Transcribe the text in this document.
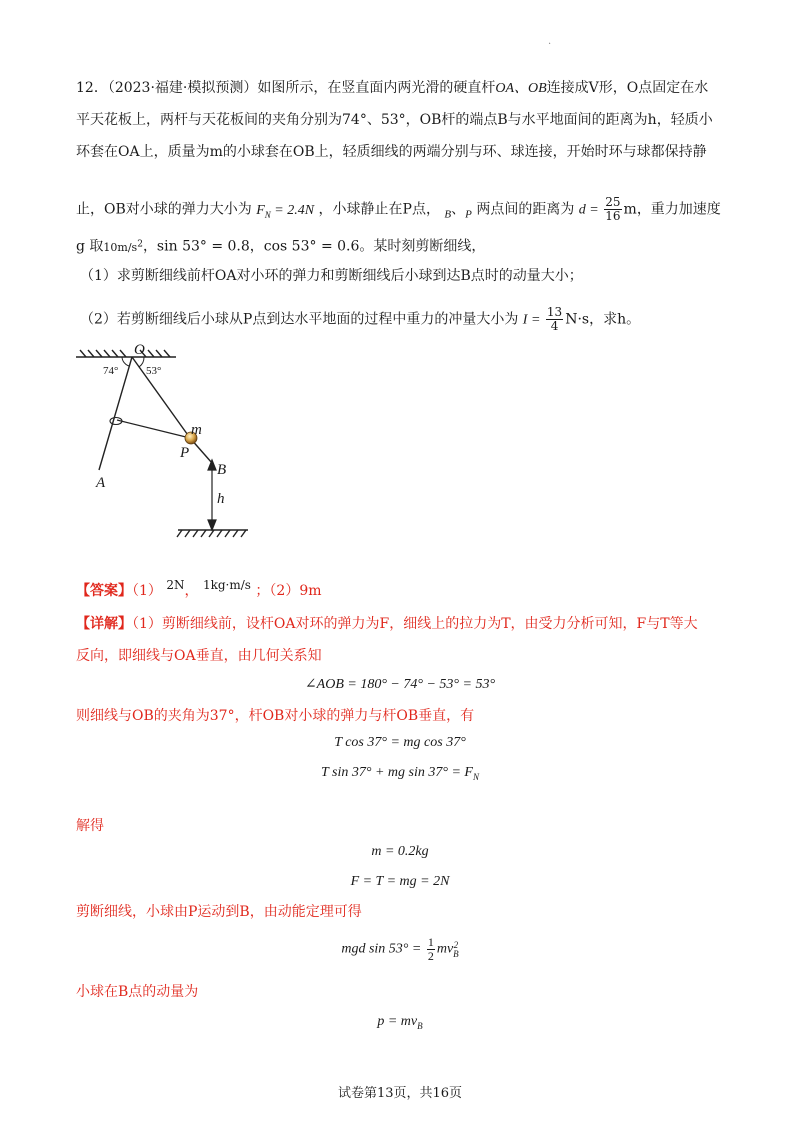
.
12．（2023·福建·模拟预测）如图所示，在竖直面内两光滑的硬直杆OA、OB连接成V形，O点固定在水
平天花板上，两杆与天花板间的夹角分别为74°、53°，OB杆的端点B与水平地面间的距离为h，轻质小
环套在OA上，质量为m的小球套在OB上，轻质细线的两端分别与环、球连接，开始时环与球都保持静
止，OB对小球的弹力大小为 $F_N = 2.4N$ ，小球静止在P点， $_B$、$_P$ 两点间的距离为 $d = \frac{25}{16}$ m，重力加速度
g 取$10m/s^2$，sin 53° = 0.8，cos 53° = 0.6。某时刻剪断细线，
（1）求剪断细线前杆OA对小环的弹力和剪断细线后小球到达B点时的动量大小；
（2）若剪断细线后小球从P点到达水平地面的过程中重力的冲量大小为 $I = \frac{13}{4} N\cdot s$，求h。
O
m
P
B
A
h
74°	53°
【答案】（1） 2N， 1kg·m/s ；（2）9m
【详解】（1）剪断细线前，设杆OA对环的弹力为F，细线上的拉力为T，由受力分析可知，F与T等大
反向，即细线与OA垂直，由几何关系知
∠AOB = 180° − 74° − 53° = 53°
则细线与OB的夹角为37°，杆OB对小球的弹力与杆OB垂直，有
T cos 37° = mg cos 37°
T sin 37° + mg $\sin 37^\circ = F_N$
解得
m = 0.2kg
F = T = mg = 2N
剪断细线，小球由P运动到B，由动能定理可得
mgd $\sin 53^\circ = \frac{1}{2}$ mv 2
B
小球在B点的动量为
$p = mv_B$
试卷第13页，共16页
